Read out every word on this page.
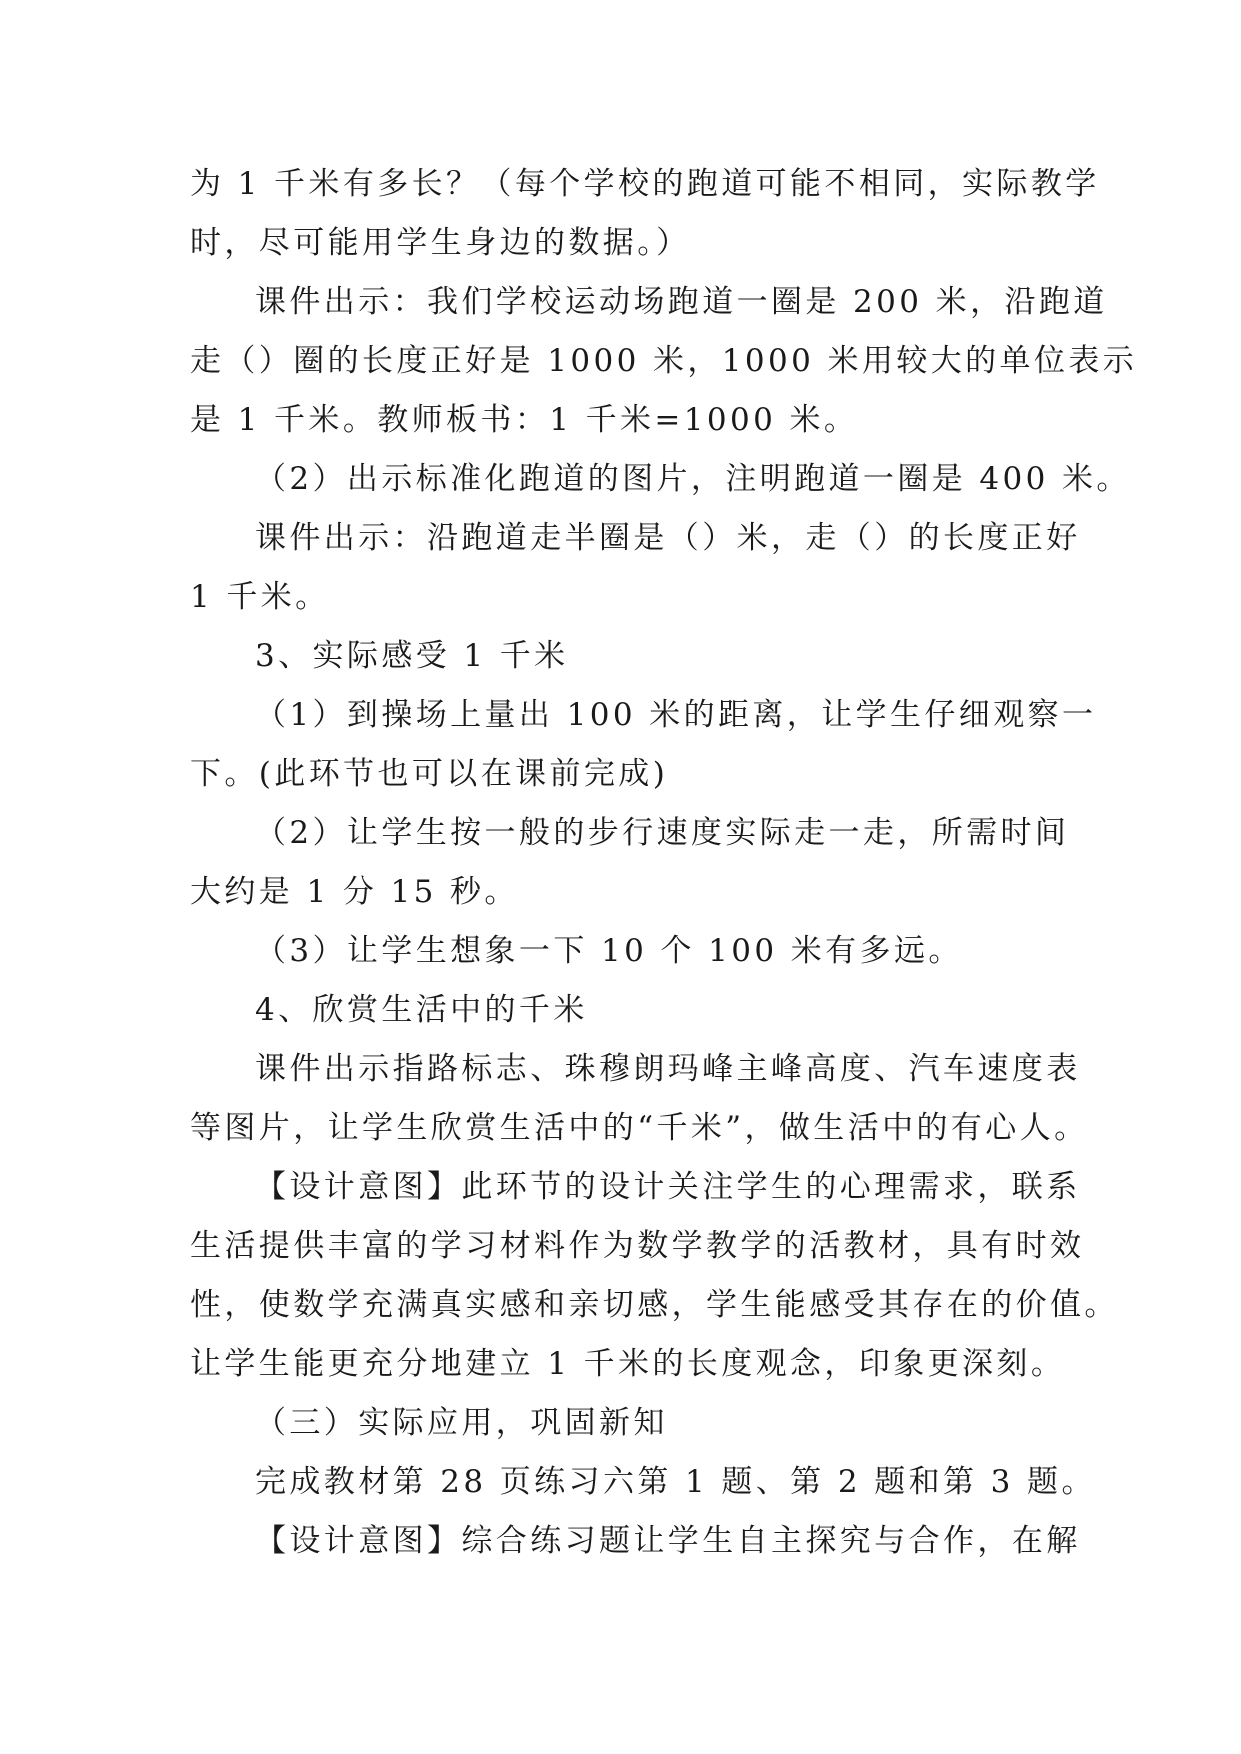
为 1 千米有多长？（每个学校的跑道可能不相同，实际教学
时，尽可能用学生身边的数据。）
课件出示：我们学校运动场跑道一圈是 200 米，沿跑道
走（）圈的长度正好是 1000 米，1000 米用较大的单位表示
是 1 千米。教师板书：1 千米=1000 米。
（2）出示标准化跑道的图片，注明跑道一圈是 400 米。
课件出示：沿跑道走半圈是（）米，走（）的长度正好
1 千米。
3、实际感受 1 千米
（1）到操场上量出 100 米的距离，让学生仔细观察一
下。(此环节也可以在课前完成)
（2）让学生按一般的步行速度实际走一走，所需时间
大约是 1 分 15 秒。
（3）让学生想象一下 10 个 100 米有多远。
4、欣赏生活中的千米
课件出示指路标志、珠穆朗玛峰主峰高度、汽车速度表
等图片，让学生欣赏生活中的“千米”，做生活中的有心人。
【设计意图】此环节的设计关注学生的心理需求，联系
生活提供丰富的学习材料作为数学教学的活教材，具有时效
性，使数学充满真实感和亲切感，学生能感受其存在的价值。
让学生能更充分地建立 1 千米的长度观念，印象更深刻。
（三）实际应用，巩固新知
完成教材第 28 页练习六第 1 题、第 2 题和第 3 题。
【设计意图】综合练习题让学生自主探究与合作，在解
